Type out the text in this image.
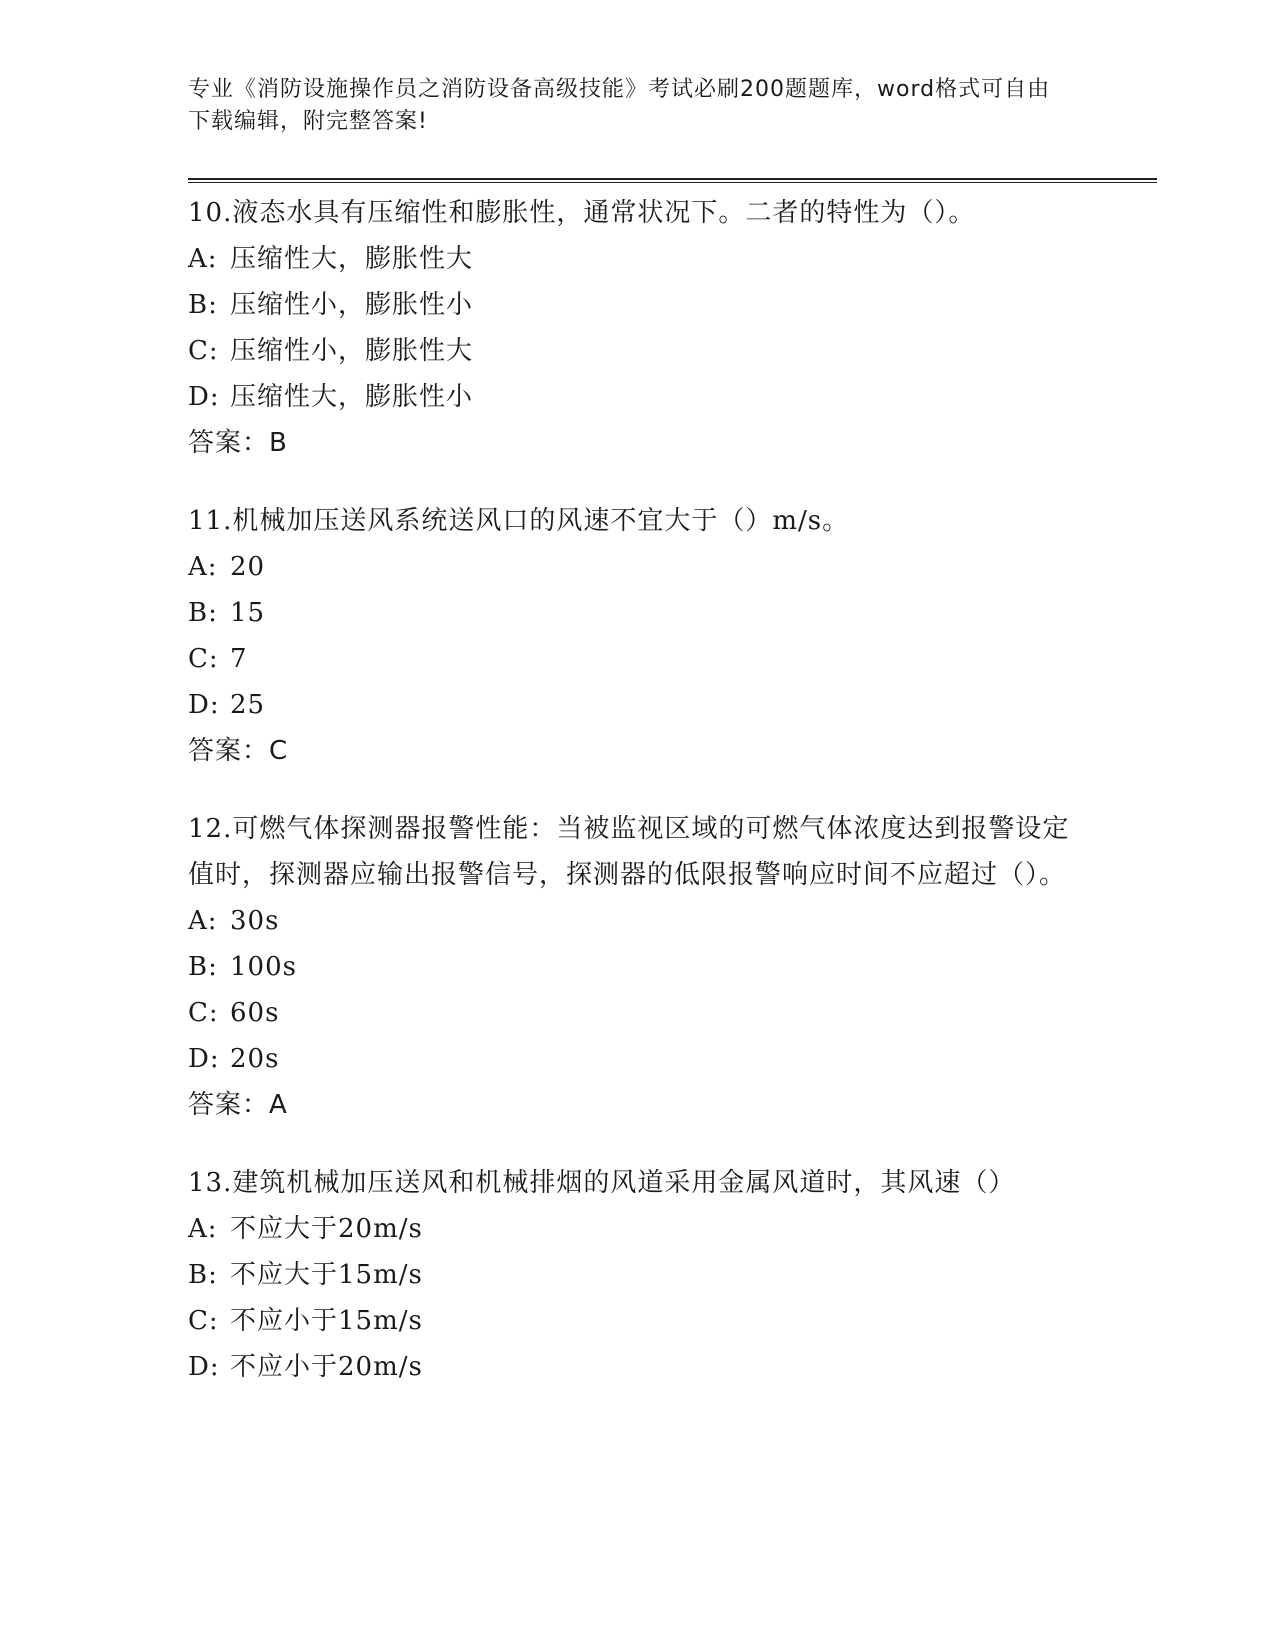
专业《消防设施操作员之消防设备高级技能》考试必刷200题题库，word格式可自由下载编辑，附完整答案!

10.液态水具有压缩性和膨胀性，通常状况下。二者的特性为（）。

A: 压缩性大，膨胀性大

B: 压缩性小，膨胀性小

C: 压缩性小，膨胀性大

D: 压缩性大，膨胀性小

答案：B

11.机械加压送风系统送风口的风速不宜大于（）m/s。

A: 20

B: 15

C: 7

D: 25

答案：C

12.可燃气体探测器报警性能：当被监视区域的可燃气体浓度达到报警设定值时，探测器应输出报警信号，探测器的低限报警响应时间不应超过（）。

A: 30s

B: 100s

C: 60s

D: 20s

答案：A

13.建筑机械加压送风和机械排烟的风道采用金属风道时，其风速（）

A: 不应大于20m/s

B: 不应大于15m/s

C: 不应小于15m/s

D: 不应小于20m/s
